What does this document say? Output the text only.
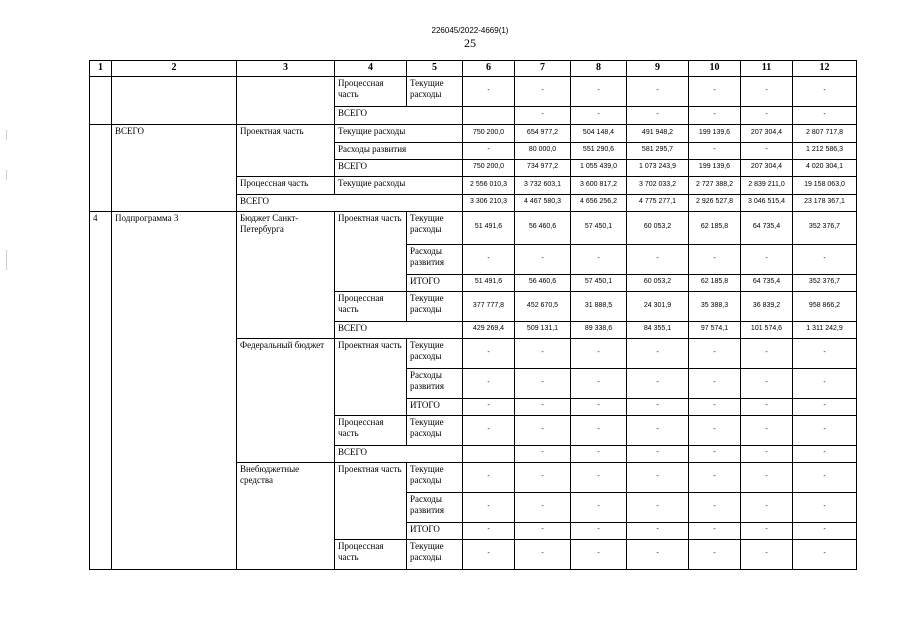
226045/2022-4669(1)
25
1	2	3	4	5	6	7	8	9	10	11	12
			Процессная часть	Текущие расходы	-	-	-	-	-	-	-
			ВСЕГО			-	-	-	-	-	-
	ВСЕГО	Проектная часть	Текущие расходы		750 200,0	654 977,2	504 148,4	491 948,2	199 139,6	207 304,4	2 807 717,8
			Расходы развития		-	80 000,0	551 290,6	581 295,7	-	-	1 212 586,3
			ВСЕГО		750 200,0	734 977,2	1 055 439,0	1 073 243,9	199 139,6	207 304,4	4 020 304,1
		Процессная часть	Текущие расходы		2 556 010,3	3 732 603,1	3 600 817,2	3 702 033,2	2 727 388,2	2 839 211,0	19 158 063,0
		ВСЕГО			3 306 210,3	4 467 580,3	4 656 256,2	4 775 277,1	2 926 527,8	3 046 515,4	23 178 367,1
4	Подпрограмма 3	Бюджет Санкт-Петербурга	Проектная часть	Текущие расходы	51 491,6	56 460,6	57 450,1	60 053,2	62 185,8	64 735,4	352 376,7
				Расходы развития	-	-	-	-	-	-	-
				ИТОГО	51 491,6	56 460,6	57 450,1	60 053,2	62 185,8	64 735,4	352 376,7
			Процессная часть	Текущие расходы	377 777,8	452 670,5	31 888,5	24 301,9	35 388,3	36 839,2	958 866,2
			ВСЕГО		429 269,4	509 131,1	89 338,6	84 355,1	97 574,1	101 574,6	1 311 242,9
		Федеральный бюджет	Проектная часть	Текущие расходы	-	-	-	-	-	-	-
				Расходы развития	-	-	-	-	-	-	-
				ИТОГО	-	-	-	-	-	-	-
			Процессная часть	Текущие расходы	-	-	-	-	-	-	-
			ВСЕГО			-	-	-	-	-	-
		Внебюджетные средства	Проектная часть	Текущие расходы	-	-	-	-	-	-	-
				Расходы развития	-	-	-	-	-	-	-
				ИТОГО	-	-	-	-	-	-	-
			Процессная часть	Текущие расходы	-	-	-	-	-	-	-
